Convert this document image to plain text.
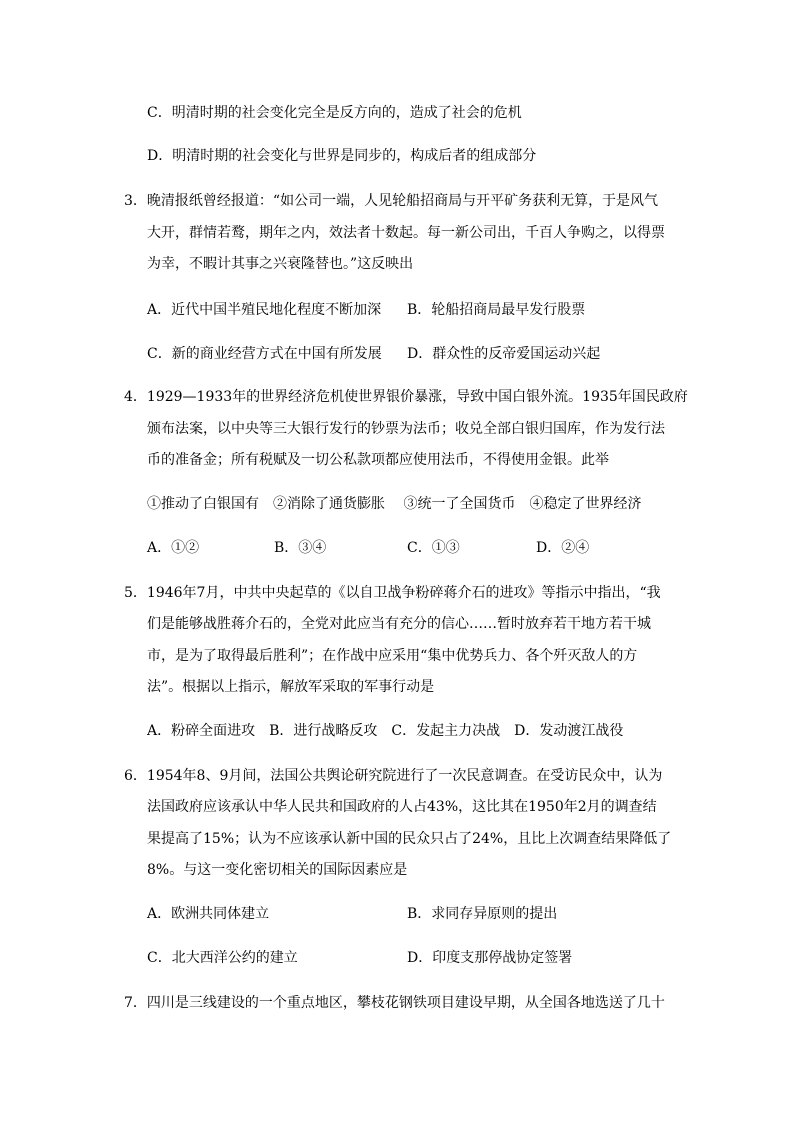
C．明清时期的社会变化完全是反方向的，造成了社会的危机
D．明清时期的社会变化与世界是同步的，构成后者的组成部分
3．晚清报纸曾经报道：“如公司一端，人见轮船招商局与开平矿务获利无算，于是风气
大开，群情若鹜，期年之内，效法者十数起。每一新公司出，千百人争购之，以得票
为幸，不暇计其事之兴衰隆替也。”这反映出
A．近代中国半殖民地化程度不断加深 B．轮船招商局最早发行股票
C．新的商业经营方式在中国有所发展 D．群众性的反帝爱国运动兴起
4．1929—1933年的世界经济危机使世界银价暴涨，导致中国白银外流。1935年国民政府
颁布法案，以中央等三大银行发行的钞票为法币；收兑全部白银归国库，作为发行法
币的准备金；所有税赋及一切公私款项都应使用法币，不得使用金银。此举
①推动了白银国有　②消除了通货膨胀　 ③统一了全国货币　④稳定了世界经济
A．①②	B．③④	C．①③	D．②④
5．1946年7月，中共中央起草的《以自卫战争粉碎蒋介石的进攻》等指示中指出，“我
们是能够战胜蒋介石的，全党对此应当有充分的信心……暂时放弃若干地方若干城
市，是为了取得最后胜利”；在作战中应采用“集中优势兵力、各个歼灭敌人的方
法”。根据以上指示，解放军采取的军事行动是
A．粉碎全面进攻　B．进行战略反攻　C．发起主力决战　D．发动渡江战役
6．1954年8、9月间，法国公共舆论研究院进行了一次民意调查。在受访民众中，认为
法国政府应该承认中华人民共和国政府的人占43%，这比其在1950年2月的调查结
果提高了15%；认为不应该承认新中国的民众只占了24%，且比上次调查结果降低了
8%。与这一变化密切相关的国际因素应是
A．欧洲共同体建立	B．求同存异原则的提出
C．北大西洋公约的建立	D．印度支那停战协定签署
7．四川是三线建设的一个重点地区，攀枝花钢铁项目建设早期，从全国各地选送了几十
